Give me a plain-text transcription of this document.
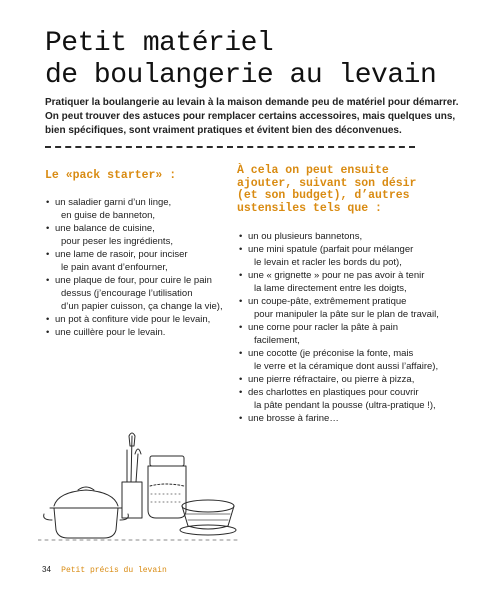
Petit matériel
de boulangerie au levain

Pratiquer la boulangerie au levain à la maison demande peu de matériel pour démarrer. On peut trouver des astuces pour remplacer certains accessoires, mais quelques uns, bien spécifiques, sont vraiment pratiques et évitent bien des déconvenues.

Le «pack starter» :
• un saladier garni d’un linge,
en guise de banneton,
• une balance de cuisine,
pour peser les ingrédients,
• une lame de rasoir, pour inciser
le pain avant d’enfourner,
• une plaque de four, pour cuire le pain
dessus (j’encourage l’utilisation
d’un papier cuisson, ça change la vie),
• un pot à confiture vide pour le levain,
• une cuillère pour le levain.
À cela on peut ensuite
ajouter, suivant son désir
(et son budget), d’autres
ustensiles tels que :
• un ou plusieurs bannetons,
• une mini spatule (parfait pour mélanger
le levain et racler les bords du pot),
• une « grignette » pour ne pas avoir à tenir
la lame directement entre les doigts,
• un coupe-pâte, extrêmement pratique
pour manipuler la pâte sur le plan de travail,
• une corne pour racler la pâte à pain
facilement,
• une cocotte (je préconise la fonte, mais
le verre et la céramique dont aussi l’affaire),
• une pierre réfractaire, ou pierre à pizza,
• des charlottes en plastiques pour couvrir
la pâte pendant la pousse (ultra-pratique !),
• une brosse à farine…
34 Petit précis du levain
